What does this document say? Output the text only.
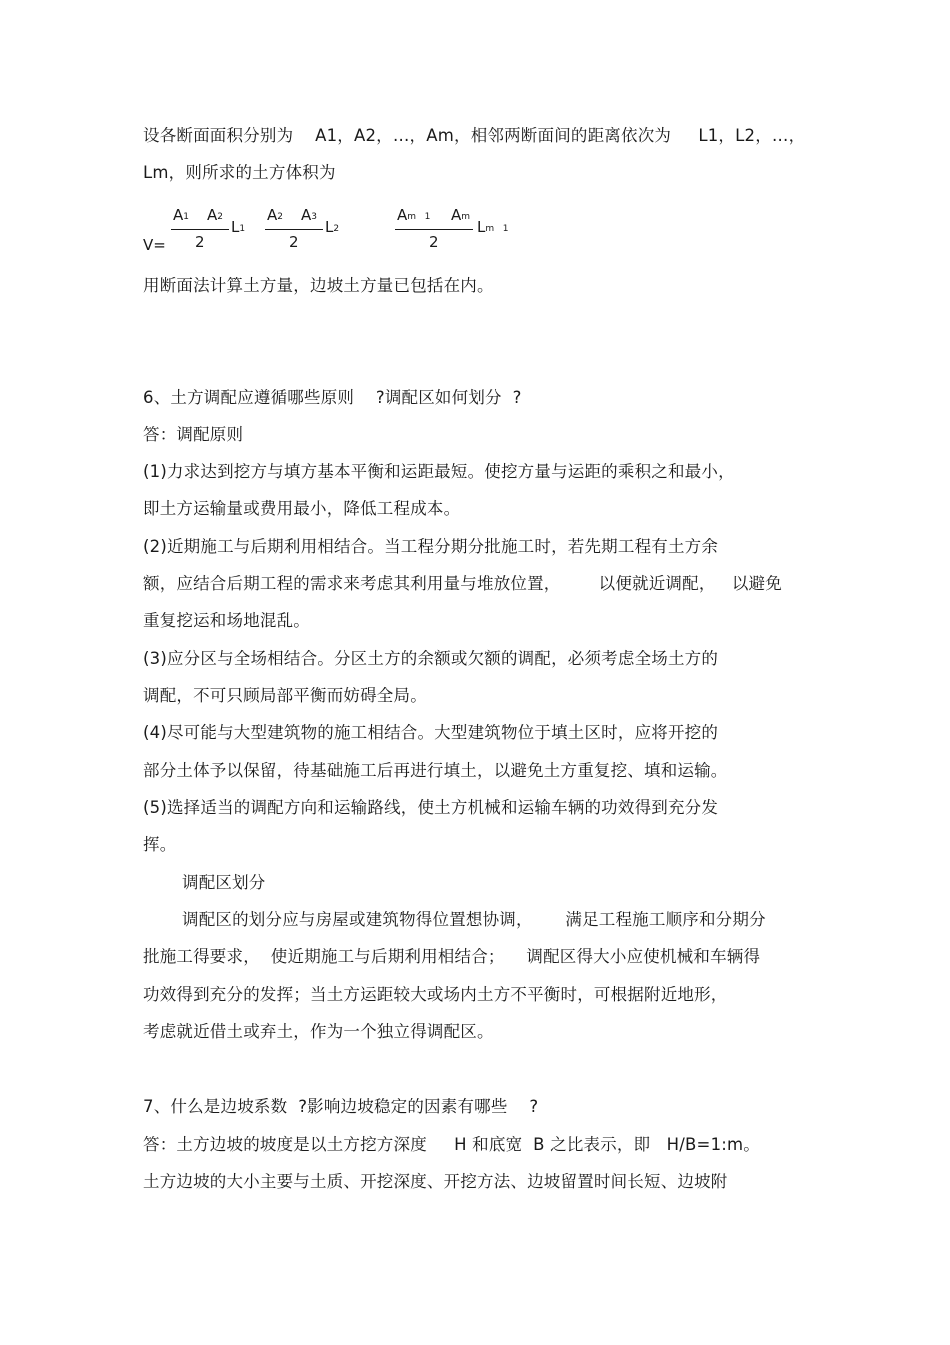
设各断面面积分别为    A1，A2，…，Am，相邻两断面间的距离依次为     L1，L2，…，
Lm，则所求的土方体积为
V=
A1 A2
2
L1
A2 A3
2
L2
Am   1 Am
2
Lm   1
用断面法计算土方量，边坡土方量已包括在内。
6、土方调配应遵循哪些原则    ?调配区如何划分  ?
答：调配原则
(1)力求达到挖方与填方基本平衡和运距最短。使挖方量与运距的乘积之和最小，
即土方运输量或费用最小，降低工程成本。
(2)近期施工与后期利用相结合。当工程分期分批施工时，若先期工程有土方余
额，应结合后期工程的需求来考虑其利用量与堆放位置，       以便就近调配，   以避免
重复挖运和场地混乱。
(3)应分区与全场相结合。分区土方的余额或欠额的调配，必须考虑全场土方的
调配，不可只顾局部平衡而妨碍全局。
(4)尽可能与大型建筑物的施工相结合。大型建筑物位于填土区时，应将开挖的
部分土体予以保留，待基础施工后再进行填土，以避免土方重复挖、填和运输。
(5)选择适当的调配方向和运输路线，使土方机械和运输车辆的功效得到充分发
挥。
调配区划分
调配区的划分应与房屋或建筑物得位置想协调，      满足工程施工顺序和分期分
批施工得要求，  使近期施工与后期利用相结合；    调配区得大小应使机械和车辆得
功效得到充分的发挥；当土方运距较大或场内土方不平衡时，可根据附近地形，
考虑就近借土或弃土，作为一个独立得调配区。
7、什么是边坡系数  ?影响边坡稳定的因素有哪些    ?
答：土方边坡的坡度是以土方挖方深度     H 和底宽  B 之比表示，即   H/B=1:m。
土方边坡的大小主要与土质、开挖深度、开挖方法、边坡留置时间长短、边坡附
